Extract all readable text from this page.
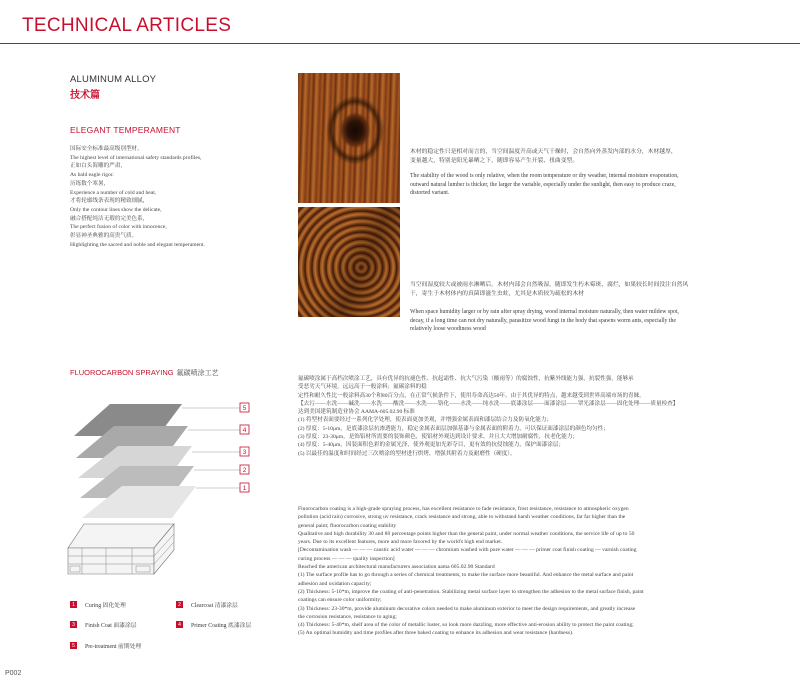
TECHNICAL ARTICLES
ALUMINUM ALLOY
技术篇
ELEGANT TEMPERAMENT
国际安全标准最高级别型材，
The highest level of international safety standards profiles,
正如白头海雕的严肃，
As bald eagle rigor.
历练数个寒暑，
Experience a number of cold and heat,
才将轮廓线条表现的精致细腻，
Only the contour lines show the delicate,
融合搭配纯洁无瑕的完美色系，
The perfect fusion of color with innocence,
彰显神圣典雅的高贵气质。
Highlighting the sacred and noble and elegant temperament.
木材的稳定性只是相对而言的，当空间温度升高或天气干燥时，会自然向外蒸发内部的水分，木材越厚，变量越大，特别是阳光暴晒之下，随即容易产生开裂、扭曲变型。
The stability of the wood is only relative, when the room temperature or dry weather, internal moisture evaporation, outward natural lumber is thicker, the larger the variable, especially under the sunlight, then easy to produce craze, distorted variant.
当空间湿度较大或被雨水淋晒后，木材内部会自然吸湿，随即发生朽木霉斑、腐烂，如果较长时间没注自然风干，寄生于木材体内的真菌即滋生虫蛀，尤其是木质较为疏松的木材
When space humidity larger or by rain after spray drying, wood internal moisture naturally, then water mildew spot, decay, if a long time can not dry naturally, parasitize wood fungi in the body that spawns worm ants, especially the relatively loose woodiness wood
FLUOROCARBON SPRAYING 氟碳喷涂工艺
5
4
3
2
1
1	Curing 固化处理	2	Clearcoat 清漆涂层
3	Finish Coat 面漆涂层	4	Primer Coating 底漆涂层
5	Pre-treatment 前期处理
氟碳喷涂属于高档次喷涂工艺，具有优异的抗褪色性、抗起霜性、抗大气污染（酸雨等）的腐蚀性，抗紫外线能力强，抗裂性强，能够承
受恶劣天气环境，远远高于一般涂料；氟碳涂料的稳
定性和耐久性比一般涂料高30个和80百分点，在正常气候条件下，使用寿命高达50年。由于其优异的特点，越来越受到世界高端市场的青睐。
【去污——水洗——碱洗——水洗——酸洗——水洗——铬化——水洗——纯水洗——底漆涂层——面漆涂层——罩光漆涂层——固化处理——质量检查】
达到美国建筑制造业协会 AAMA-605.02.90 标准
(1) 将型材表面要经过一系列化学处理，使表面更加美观，并增强金属表面和漆层结合力及防氧化能力；
(2) 厚度：5-10μm，是底漆涂层抗渗透能力，稳定金属表面层加强基漆与金属表面的附着力，可以保证面漆涂层的颜色均匀性；
(3) 厚度：23-30μm，是饰铝材所需要的装饰颜色，使铝材外观达到设计要求，并且大大增加耐腐性，抗老化能力；
(4) 厚度：5-40μm，因装面积色彩的金属光泽，使外观更加光彩夺目，更有效的抗侵蚀能力，保护面漆涂层；
(5) 以最佳的温度和时间经过三次喷涂的型材进行烘烤，增强其附着力及耐磨性（硬度）。
Fluorocarbon coating is a high-grade spraying process, has excellent resistance to fade resistance, frost resistance, resistance to atmospheric oxygen
pollution (acid rain) corrosive, strong uv resistance, crack resistance and strong, able to withstand harsh weather conditions, far far higher than the
general paint; fluorocarbon coating stability
Qualitative and high durability 30 and 80 percentage points higher than the general paint, under normal weather conditions, the service life of up to 50
years. Due to its excellent features, more and more favored by the world's high end market.
[Decontamination wash — — — caustic acid water — — — chromium washed with pure water — — — primer coat finish coating — varnish coating
curing process — — — quality inspection]
Reached the american architectural manufacturers association aama 605.02.90 Standard
(1) The surface profile has to go through a series of chemical treatments, to make the surface more beautiful. And enhance the metal surface and paint
adhesion and oxidation capacity;
(2) Thickness: 5-10*m, improve the coating of anti-penetration. Stabilizing metal surface layer to strengthen the adhesion to the metal surface finish, paint
coatings can ensure color uniformity;
(3) Thickness: 23-30*m, provide aluminum decorative colors needed to make aluminum exterior to meet the design requirements, and greatly increase
the corrosion resistance, resistance to aging;
(4) Thickness: 5-40*m, shelf area of the color of metallic luster, so look more dazzling, more effective anti-erosion ability to protect the paint coating;
(5) An optimal humidity and time profiles after three baked coating to enhance its adhesion and wear resistance (hardness).
P002
